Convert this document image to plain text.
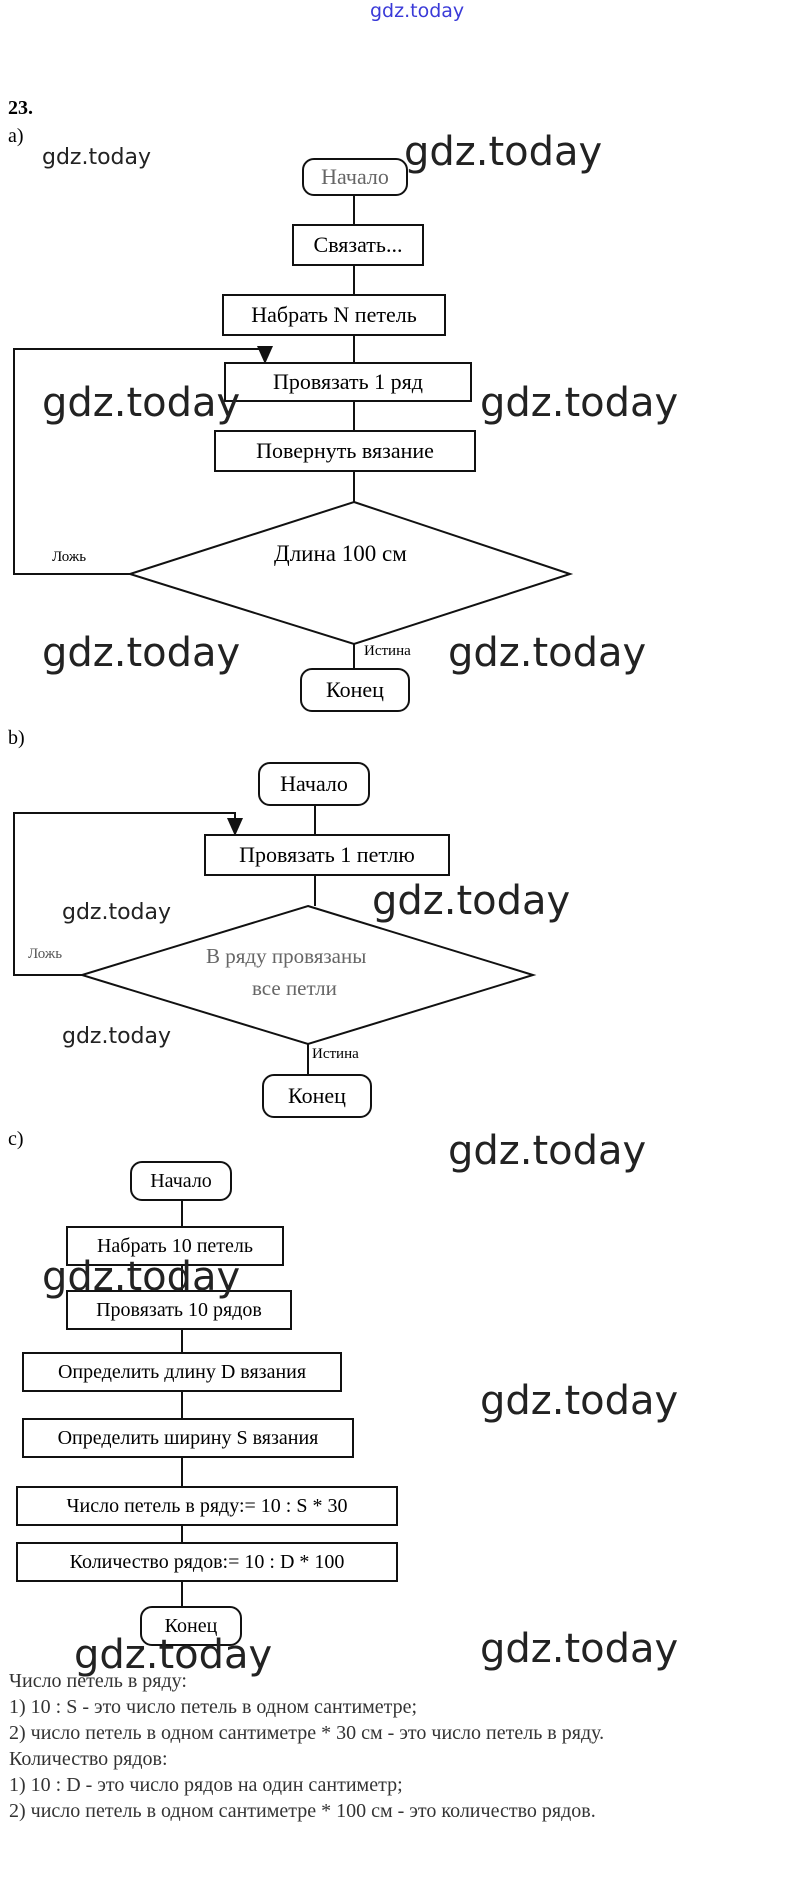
gdz.today
23.
a)
Начало
Связать...
Набрать N петель
Провязать 1 ряд
Повернуть вязание
Длина 100 см
Ложь
Истина
Конец
b)
Начало
Провязать 1 петлю
В ряду провязаны
все петли
Ложь
Истина
Конец
c)
Начало
Набрать 10 петель
Провязать 10 рядов
Определить длину D вязания
Определить ширину S вязания
Число петель в ряду:= 10 : S * 30
Количество рядов:= 10 : D * 100
Конец
Число петель в ряду:
1) 10 : S - это число петель в одном сантиметре;
2) число петель в одном сантиметре * 30 см - это число петель в ряду.
Количество рядов:
1) 10 : D - это число рядов на один сантиметр;
2) число петель в одном сантиметре * 100 см - это количество рядов.
gdz.today	gdz.today
gdz.today	gdz.today
gdz.today	gdz.today
gdz.today
gdz.today
gdz.today
gdz.today
gdz.today
gdz.today
gdz.today	gdz.today
